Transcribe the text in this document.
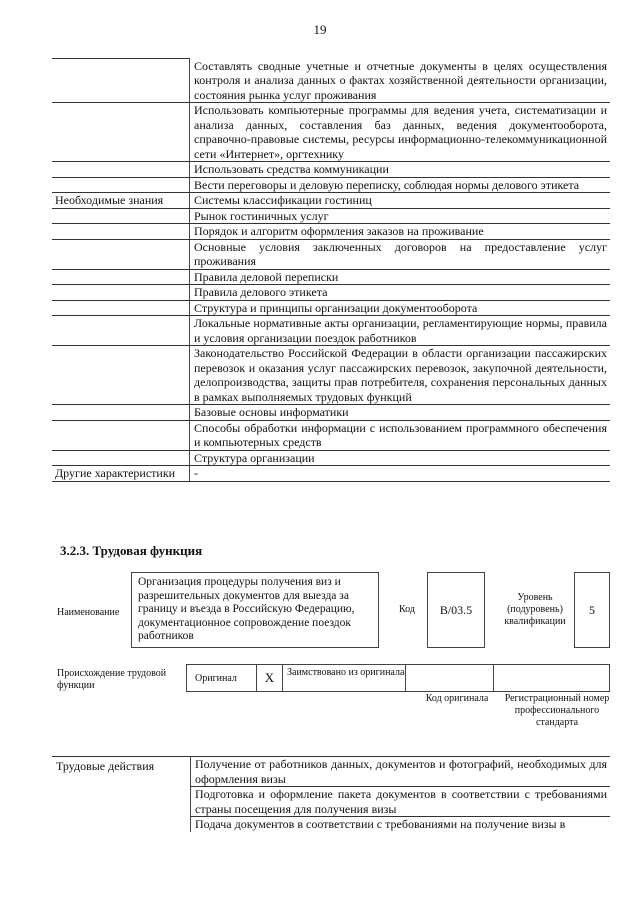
19
	Составлять сводные учетные и отчетные документы в целях осуществления контроля и анализа данных о фактах хозяйственной деятельности организации, состояния рынка услуг проживания
	Использовать компьютерные программы для ведения учета, систематизации и анализа данных, составления баз данных, ведения документооборота, справочно-правовые системы, ресурсы информационно-телекоммуникационной сети «Интернет», оргтехнику
	Использовать средства коммуникации
	Вести переговоры и деловую переписку, соблюдая нормы делового этикета
Необходимые знания	Системы классификации гостиниц
	Рынок гостиничных услуг
	Порядок и алгоритм оформления заказов на проживание
	Основные условия заключенных договоров на предоставление услуг проживания
	Правила деловой переписки
	Правила делового этикета
	Структура и принципы организации документооборота
	Локальные нормативные акты организации, регламентирующие нормы, правила и условия организации поездок работников
	Законодательство Российской Федерации в области организации пассажирских перевозок и оказания услуг пассажирских перевозок, закупочной деятельности, делопроизводства, защиты прав потребителя, сохранения персональных данных в рамках выполняемых трудовых функций
	Базовые основы информатики
	Способы обработки информации с использованием программного обеспечения и компьютерных средств
	Структура организации
Другие характеристики	-
3.2.3. Трудовая функция
Наименование
Организация процедуры получения виз и разрешительных документов для выезда за границу и въезда в Российскую Федерацию, документационное сопровождение поездок работников
Код	B/03.5
Уровень (подуровень) квалификации
5
Происхождение трудовой функции
Оригинал	X	Заимствовано из оригинала
Код оригинала	Регистрационный номер профессионального стандарта
Трудовые действия	Получение от работников данных, документов и фотографий, необходимых для оформления визы
	Подготовка и оформление пакета документов в соответствии с требованиями страны посещения для получения визы
	Подача документов в соответствии с требованиями на получение визы в
